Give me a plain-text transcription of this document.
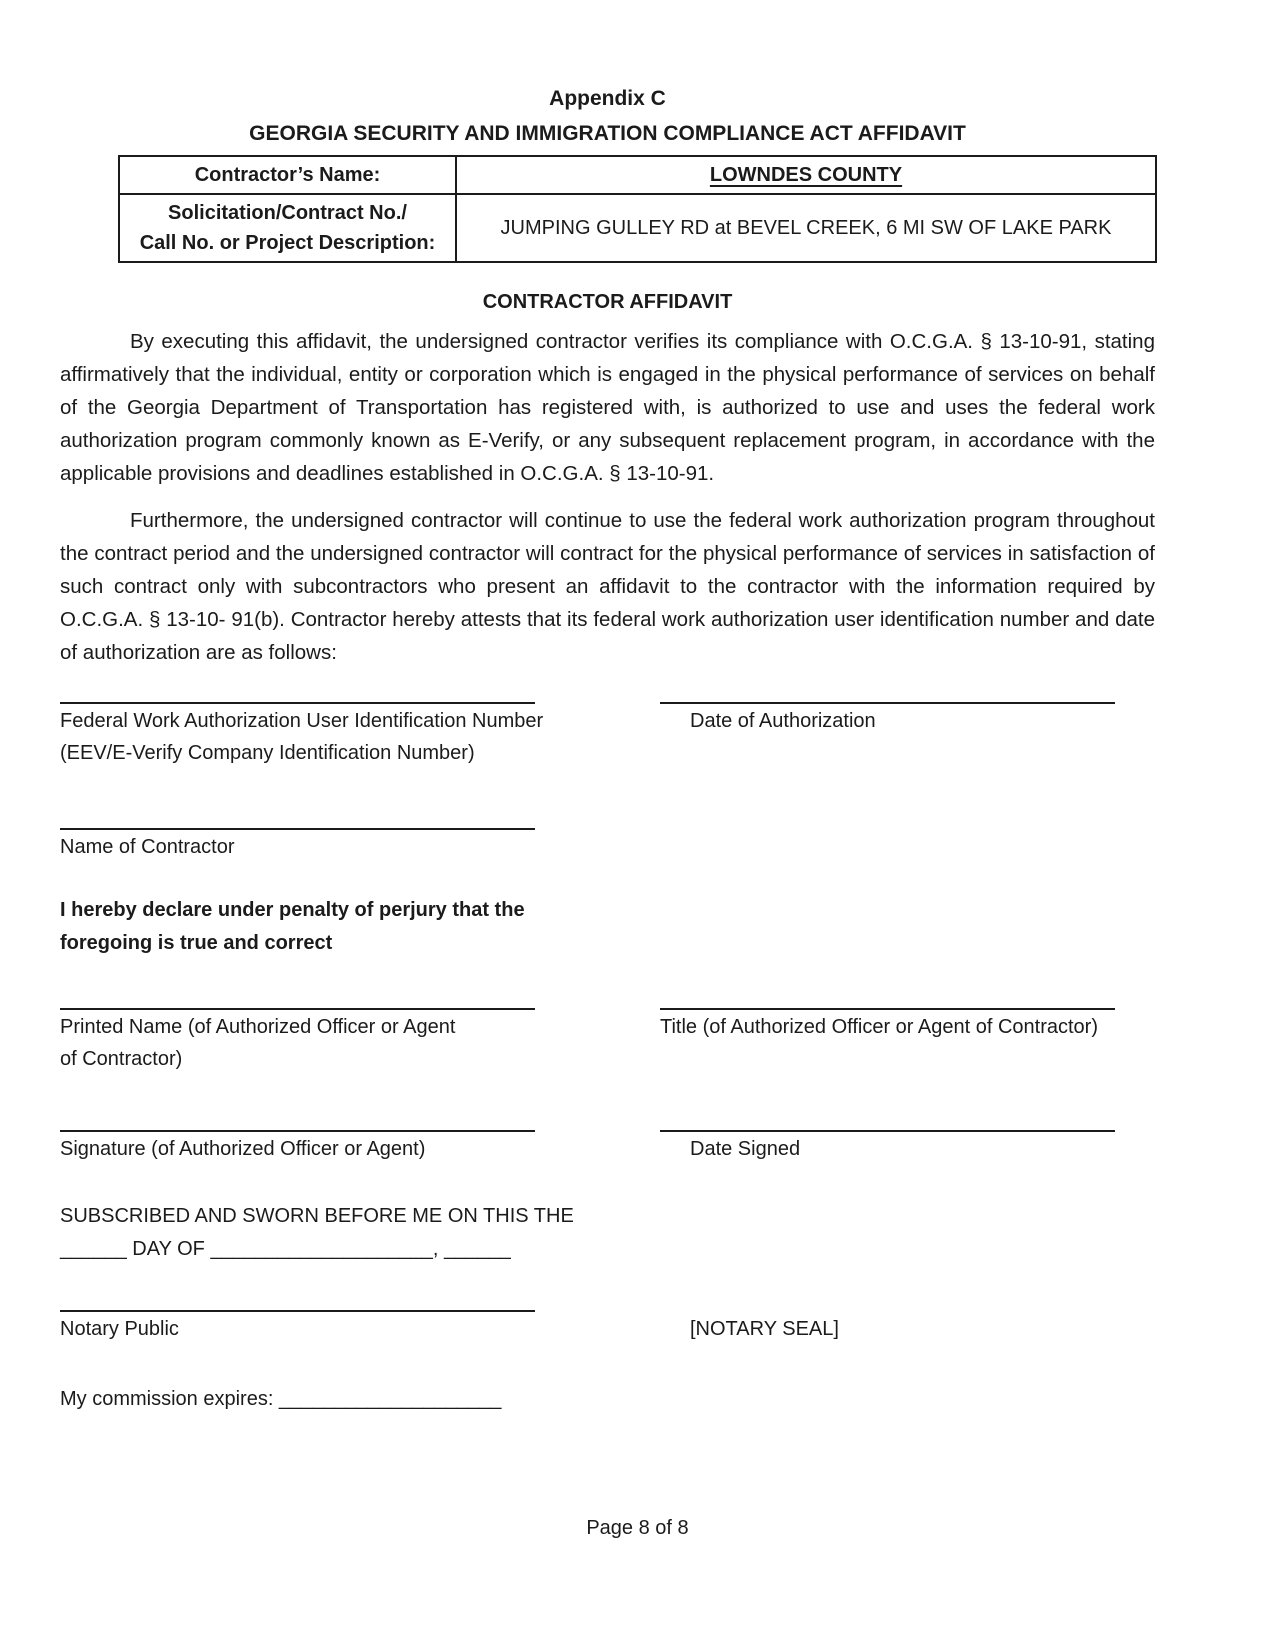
Appendix C
GEORGIA SECURITY AND IMMIGRATION COMPLIANCE ACT AFFIDAVIT
Contractor’s Name:	LOWNDES COUNTY

Solicitation/Contract No./
Call No. or Project Description:	JUMPING GULLEY RD at BEVEL CREEK, 6 MI SW OF LAKE PARK
CONTRACTOR AFFIDAVIT

By executing this affidavit, the undersigned contractor verifies its compliance with O.C.G.A. § 13-10-91, stating affirmatively that the individual, entity or corporation which is engaged in the physical performance of services on behalf of the Georgia Department of Transportation has registered with, is authorized to use and uses the federal work authorization program commonly known as E-Verify, or any subsequent replacement program, in accordance with the applicable provisions and deadlines established in O.C.G.A. § 13-10-91.

Furthermore, the undersigned contractor will continue to use the federal work authorization program throughout the contract period and the undersigned contractor will contract for the physical performance of services in satisfaction of such contract only with subcontractors who present an affidavit to the contractor with the information required by O.C.G.A. § 13-10- 91(b). Contractor hereby attests that its federal work authorization user identification number and date of authorization are as follows:

Federal Work Authorization User Identification Number
(EEV/E-Verify Company Identification Number)
Date of Authorization
Name of Contractor
I hereby declare under penalty of perjury that the
foregoing is true and correct
Printed Name (of Authorized Officer or Agent
of Contractor)
Title (of Authorized Officer or Agent of Contractor)
Signature (of Authorized Officer or Agent)	Date Signed
SUBSCRIBED AND SWORN BEFORE ME ON THIS THE
______ DAY OF ____________________, ______
Notary Public	[NOTARY SEAL]
My commission expires: ____________________
Page 8 of 8
